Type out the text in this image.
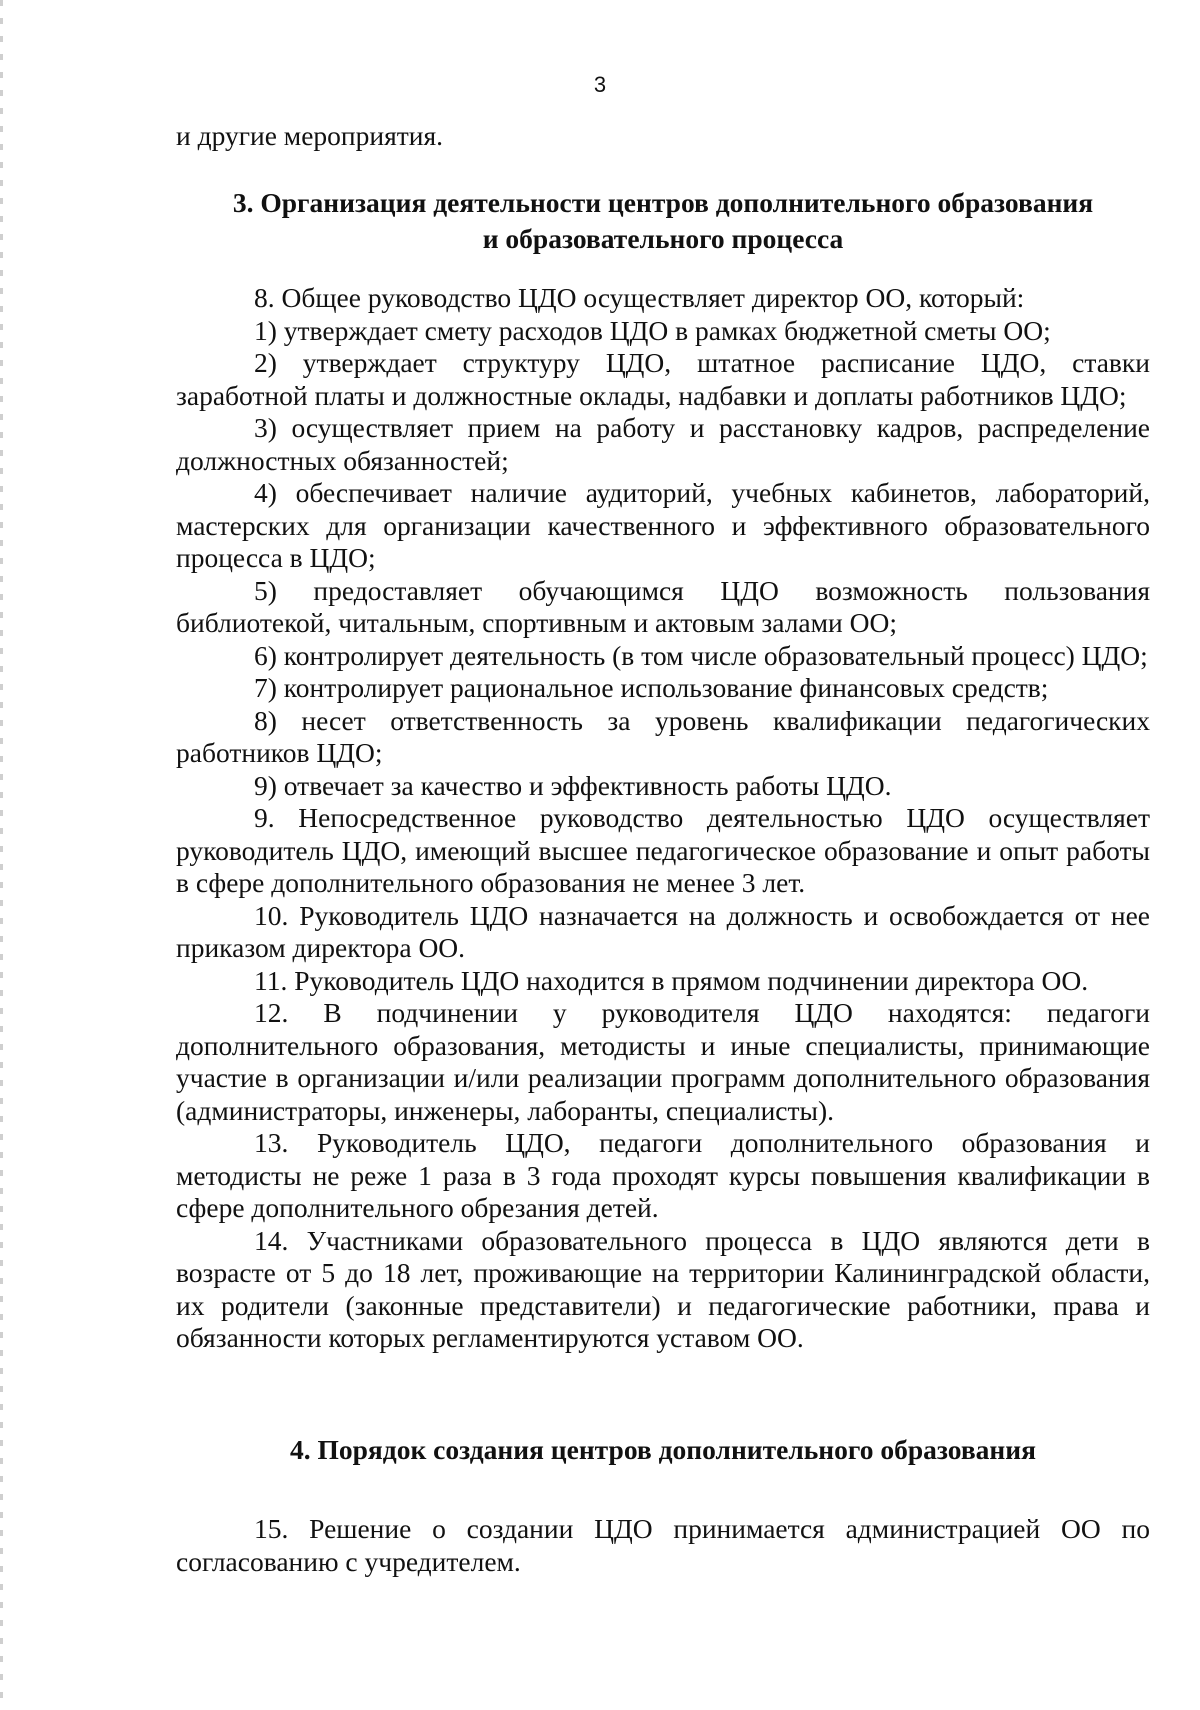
3

и другие мероприятия.

3. Организация деятельности центров дополнительного образования

и образовательного процесса

8. Общее руководство ЦДО осуществляет директор ОО, который:

1) утверждает смету расходов ЦДО в рамках бюджетной сметы ОО;

2) утверждает структуру ЦДО, штатное расписание ЦДО, ставки заработной платы и должностные оклады, надбавки и доплаты работников ЦДО;

3) осуществляет прием на работу и расстановку кадров, распределение должностных обязанностей;

4) обеспечивает наличие аудиторий, учебных кабинетов, лабораторий, мастерских для организации качественного и эффективного образовательного процесса в ЦДО;

5) предоставляет обучающимся ЦДО возможность пользования библиотекой, читальным, спортивным и актовым залами ОО;

6) контролирует деятельность (в том числе образовательный процесс) ЦДО;

7) контролирует рациональное использование финансовых средств;

8) несет ответственность за уровень квалификации педагогических работников ЦДО;

9) отвечает за качество и эффективность работы ЦДО.

9. Непосредственное руководство деятельностью ЦДО осуществляет руководитель ЦДО, имеющий высшее педагогическое образование и опыт работы в сфере дополнительного образования не менее 3 лет.

10. Руководитель ЦДО назначается на должность и освобождается от нее приказом директора ОО.

11. Руководитель ЦДО находится в прямом подчинении директора ОО.

12. В подчинении у руководителя ЦДО находятся: педагоги дополнительного образования, методисты и иные специалисты, принимающие участие в организации и/или реализации программ дополнительного образования (администраторы, инженеры, лаборанты, специалисты).

13. Руководитель ЦДО, педагоги дополнительного образования и методисты не реже 1 раза в 3 года проходят курсы повышения квалификации в сфере дополнительного обрезания детей.

14. Участниками образовательного процесса в ЦДО являются дети в возрасте от 5 до 18 лет, проживающие на территории Калининградской области, их родители (законные представители) и педагогические работники, права и обязанности которых регламентируются уставом ОО.

4. Порядок создания центров дополнительного образования

15. Решение о создании ЦДО принимается администрацией ОО по согласованию с учредителем.
